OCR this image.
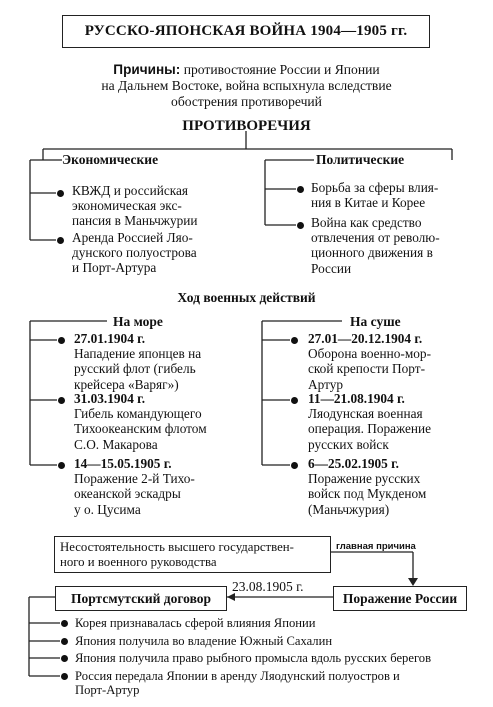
РУССКО-ЯПОНСКАЯ ВОЙНА 1904—1905 гг.
Причины: противостояние России и Японии
на Дальнем Востоке, война вспыхнула вследствие
обострения противоречий
ПРОТИВОРЕЧИЯ
Экономические	Политические
КВЖД и российская
экономическая экс-
пансия в Маньчжурии
Аренда Россией Ляо-
дунского полуострова
и Порт-Артура
Борьба за сферы влия-
ния в Китае и Корее
Война как средство
отвлечения от револю-
ционного движения в
России
Ход военных действий
На море	На суше
27.01.1904 г.
Нападение японцев на
русский флот (гибель
крейсера «Варяг»)
31.03.1904 г.
Гибель командующего
Тихоокеанским флотом
С.О. Макарова
14—15.05.1905 г.
Поражение 2-й Тихо-
океанской эскадры
у о. Цусима
27.01—20.12.1904 г.
Оборона военно-мор-
ской крепости Порт-
Артур
11—21.08.1904 г.
Ляодунская военная
операция. Поражение
русских войск
6—25.02.1905 г.
Поражение русских
войск под Мукденом
(Маньчжурия)
Несостоятельность высшего государствен-
ного и военного руководства
главная причина
Поражение России
23.08.1905 г.
Портсмутский договор
Корея признавалась сферой влияния Японии
Япония получила во владение Южный Сахалин
Япония получила право рыбного промысла вдоль русских берегов
Россия передала Японии в аренду Ляодунский полуостров и
Порт-Артур
